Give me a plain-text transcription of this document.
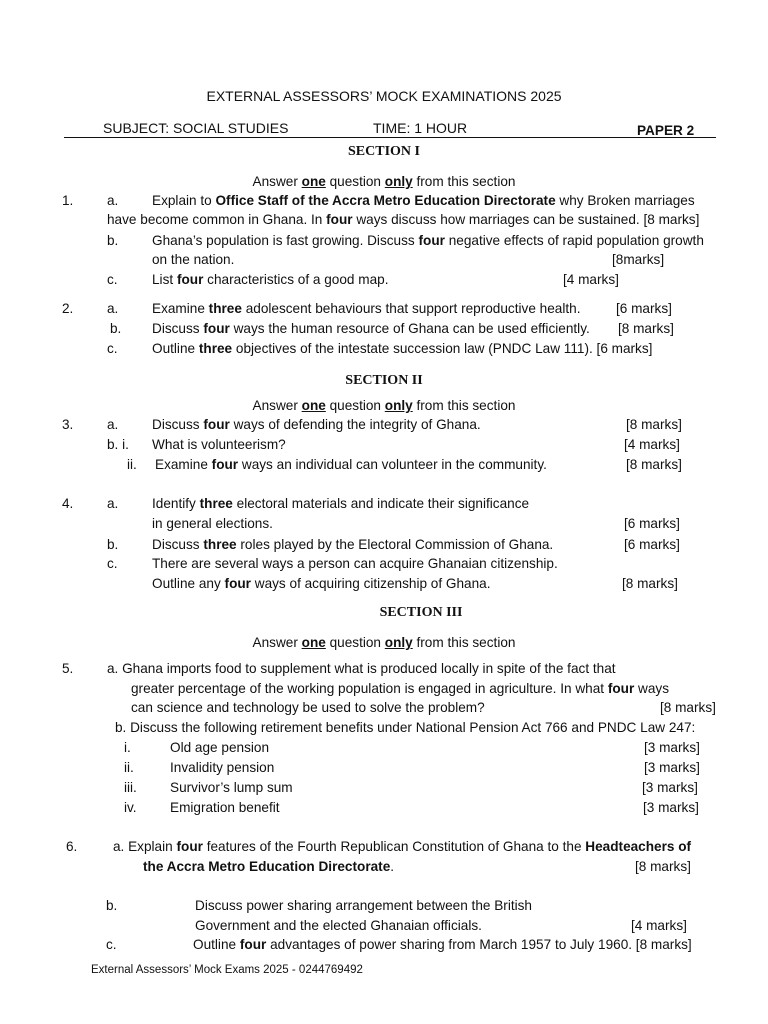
EXTERNAL ASSESSORS’ MOCK EXAMINATIONS 2025
SUBJECT: SOCIAL STUDIES	TIME: 1 HOUR	PAPER 2
SECTION I
Answer one question only from this section
1. a. Explain to Office Staff of the Accra Metro Education Directorate why Broken marriages
have become common in Ghana. In four ways discuss how marriages can be sustained. [8 marks]
b. Ghana’s population is fast growing. Discuss four negative effects of rapid population growth
on the nation.	[8marks]
c.	List four characteristics of a good map.	[4 marks]
2. a. Examine three adolescent behaviours that support reproductive health.	[6 marks]
b. Discuss four ways the human resource of Ghana can be used efficiently. [8 marks]
c.	Outline three objectives of the intestate succession law (PNDC Law 111). [6 marks]
SECTION II
Answer one question only from this section
3. a. Discuss four ways of defending the integrity of Ghana.	[8 marks]
b. i. What is volunteerism?	[4 marks]
ii. Examine four ways an individual can volunteer in the community.	[8 marks]
4. a. Identify three electoral materials and indicate their significance
in general elections.	[6 marks]
b. Discuss three roles played by the Electoral Commission of Ghana.	[6 marks]
c.	There are several ways a person can acquire Ghanaian citizenship.
Outline any four ways of acquiring citizenship of Ghana.	[8 marks]
SECTION III
Answer one question only from this section
5. a. Ghana imports food to supplement what is produced locally in spite of the fact that
greater percentage of the working population is engaged in agriculture. In what four ways
can science and technology be used to solve the problem?	[8 marks]
b. Discuss the following retirement benefits under National Pension Act 766 and PNDC Law 247:
i.	Old age pension	[3 marks]
ii.	Invalidity pension	[3 marks]
iii. Survivor’s lump sum	[3 marks]
iv. Emigration benefit	[3 marks]
6.	a. Explain four features of the Fourth Republican Constitution of Ghana to the Headteachers of
the Accra Metro Education Directorate.	[8 marks]
b.	Discuss power sharing arrangement between the British
Government and the elected Ghanaian officials.	[4 marks]
c.	Outline four advantages of power sharing from March 1957 to July 1960. [8 marks]
External Assessors’ Mock Exams 2025 - 0244769492
